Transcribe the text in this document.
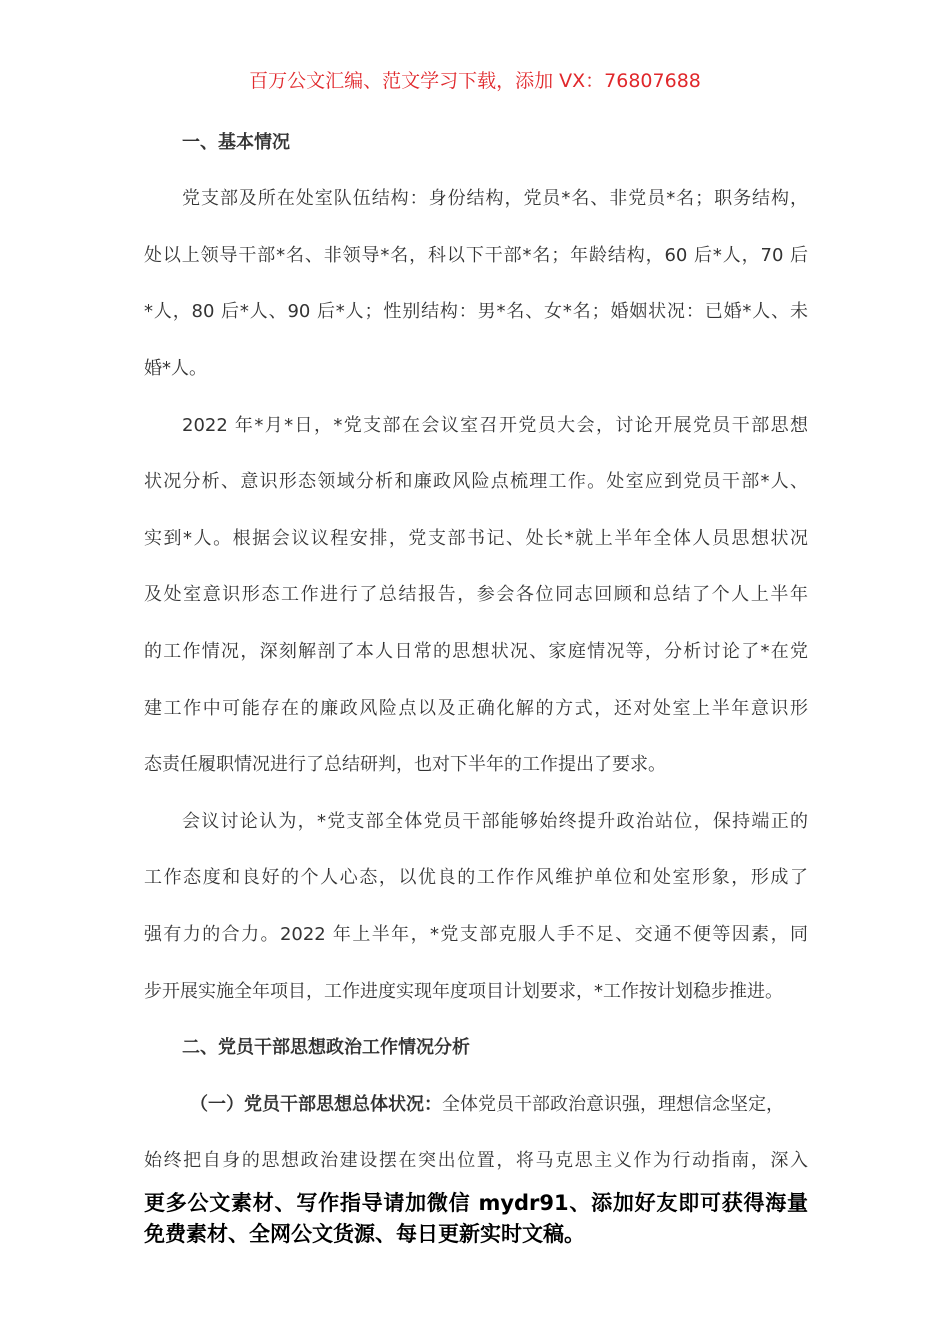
百万公文汇编、范文学习下载，添加 VX：76807688
一、基本情况
党支部及所在处室队伍结构：身份结构，党员*名、非党员*名；职务结构，
处以上领导干部*名、非领导*名，科以下干部*名；年龄结构，60 后*人，70 后
*人，80 后*人、90 后*人；性别结构：男*名、女*名；婚姻状况：已婚*人、未
婚*人。
2022 年*月*日，*党支部在会议室召开党员大会，讨论开展党员干部思想
状况分析、意识形态领域分析和廉政风险点梳理工作。处室应到党员干部*人、
实到*人。根据会议议程安排，党支部书记、处长*就上半年全体人员思想状况
及处室意识形态工作进行了总结报告，参会各位同志回顾和总结了个人上半年
的工作情况，深刻解剖了本人日常的思想状况、家庭情况等，分析讨论了*在党
建工作中可能存在的廉政风险点以及正确化解的方式，还对处室上半年意识形
态责任履职情况进行了总结研判，也对下半年的工作提出了要求。
会议讨论认为，*党支部全体党员干部能够始终提升政治站位，保持端正的
工作态度和良好的个人心态，以优良的工作作风维护单位和处室形象，形成了
强有力的合力。2022 年上半年，*党支部克服人手不足、交通不便等因素，同
步开展实施全年项目，工作进度实现年度项目计划要求，*工作按计划稳步推进。
二、党员干部思想政治工作情况分析
（一）党员干部思想总体状况：全体党员干部政治意识强，理想信念坚定，
始终把自身的思想政治建设摆在突出位置，将马克思主义作为行动指南，深入
更多公文素材、写作指导请加微信 mydr91、添加好友即可获得海量
免费素材、全网公文货源、每日更新实时文稿。
